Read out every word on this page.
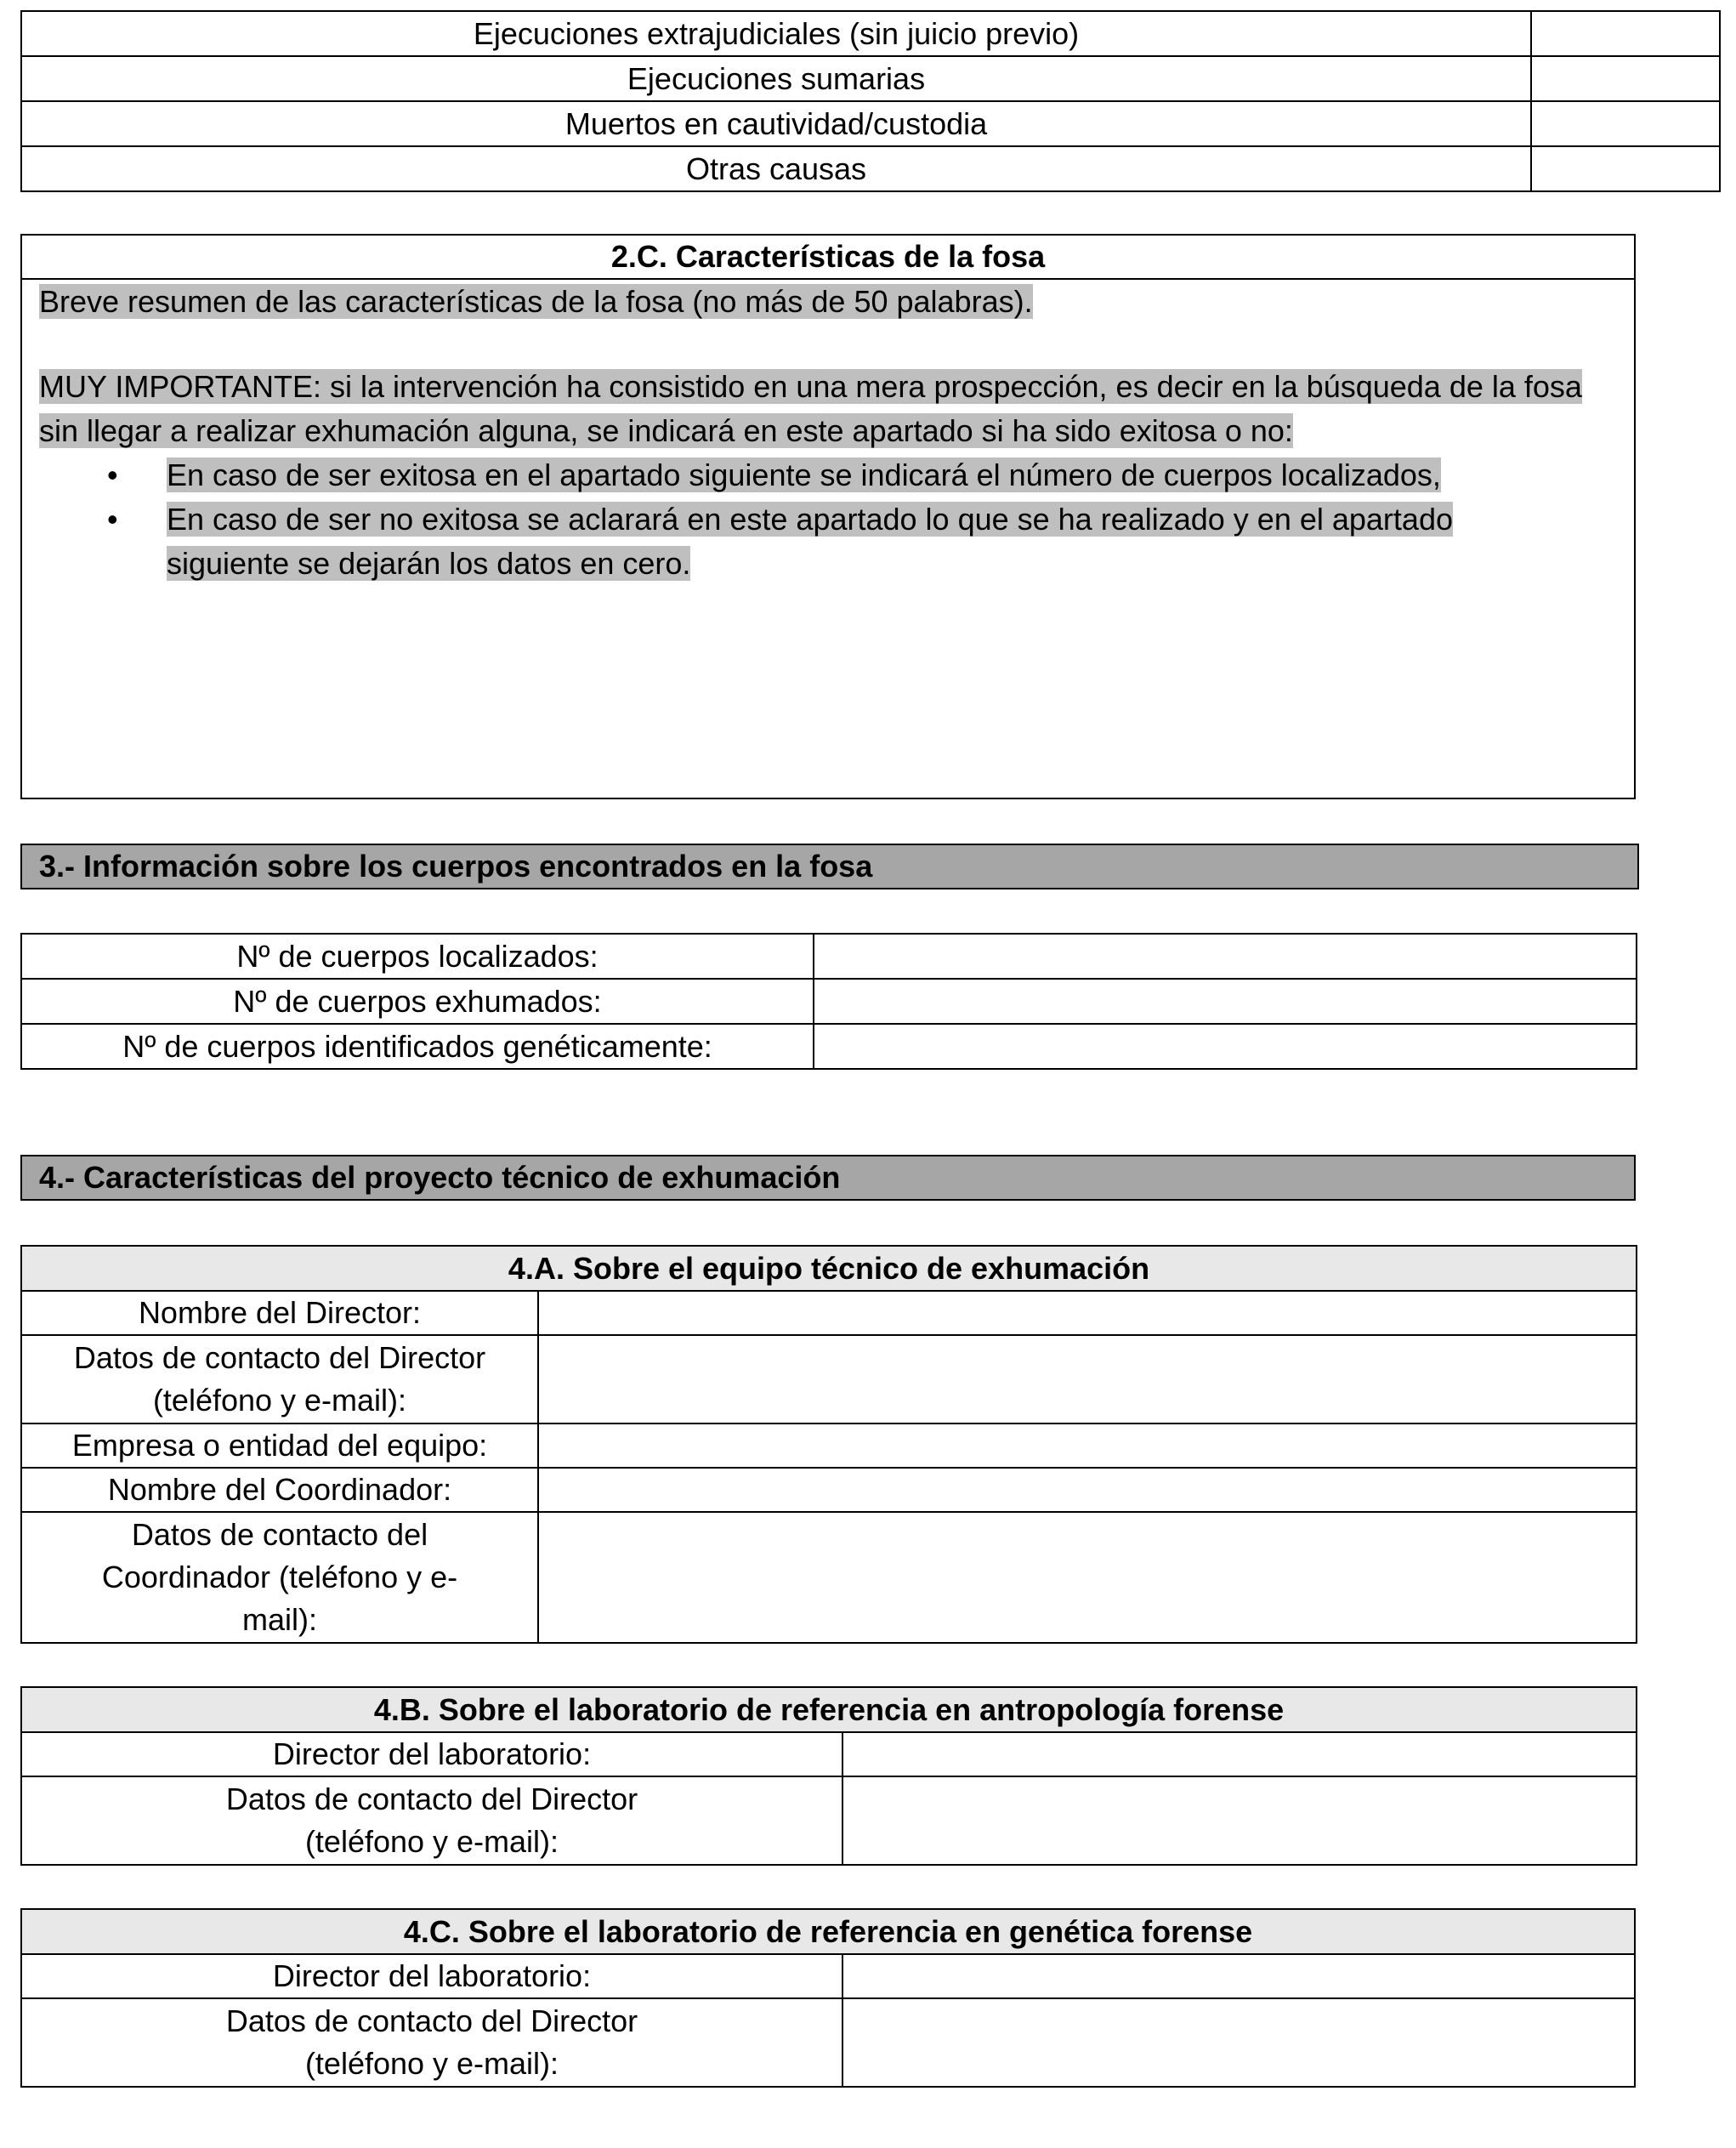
Ejecuciones extrajudiciales (sin juicio previo)	
Ejecuciones sumarias	
Muertos en cautividad/custodia	
Otras causas	
2.C. Características de la fosa

Breve resumen de las características de la fosa (no más de 50 palabras).

MUY IMPORTANTE: si la intervención ha consistido en una mera prospección, es decir en la búsqueda de la fosa sin llegar a realizar exhumación alguna, se indicará en este apartado si ha sido exitosa o no:

• En caso de ser exitosa en el apartado siguiente se indicará el número de cuerpos localizados,
• En caso de ser no exitosa se aclarará en este apartado lo que se ha realizado y en el apartado siguiente se dejarán los datos en cero.
3.- Información sobre los cuerpos encontrados en la fosa
Nº de cuerpos localizados:	
Nº de cuerpos exhumados:	
Nº de cuerpos identificados genéticamente:	
4.- Características del proyecto técnico de exhumación
4.A. Sobre el equipo técnico de exhumación	
Nombre del Director:	
Datos de contacto del Director (teléfono y e-mail):	
Empresa o entidad del equipo:	
Nombre del Coordinador:	
Datos de contacto del Coordinador (teléfono y e-mail):	
4.B. Sobre el laboratorio de referencia en antropología forense	
Director del laboratorio:	
Datos de contacto del Director (teléfono y e-mail):	
4.C. Sobre el laboratorio de referencia en genética forense	
Director del laboratorio:	
Datos de contacto del Director (teléfono y e-mail):	
